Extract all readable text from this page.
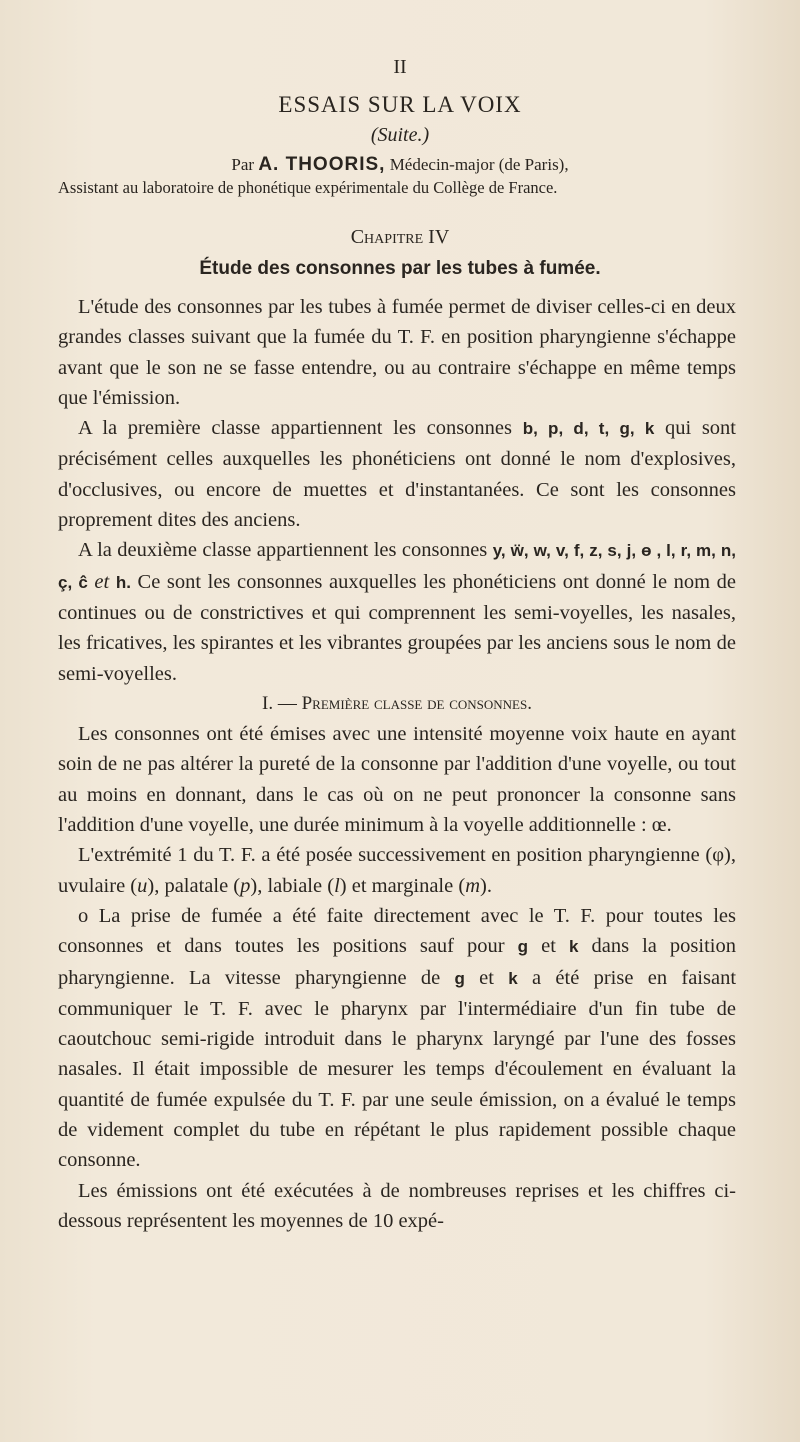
II
ESSAIS SUR LA VOIX
(Suite.)
Par A. THOORIS, Médecin-major (de Paris),
Assistant au laboratoire de phonétique expérimentale du Collège de France.
Chapitre IV
Étude des consonnes par les tubes à fumée.

L'étude des consonnes par les tubes à fumée permet de diviser celles-ci en deux grandes classes suivant que la fumée du T. F. en position pharyngienne s'échappe avant que le son ne se fasse entendre, ou au contraire s'échappe en même temps que l'émission.

A la première classe appartiennent les consonnes b, p, d, t, g, k qui sont précisément celles auxquelles les phonéticiens ont donné le nom d'explosives, d'occlusives, ou encore de muettes et d'instantanées. Ce sont les consonnes proprement dites des anciens.

A la deuxième classe appartiennent les consonnes y, ẅ, w, v, f, z, s, j, ɵ , l, r, m, n, ç, ĉ et h. Ce sont les consonnes auxquelles les phonéticiens ont donné le nom de continues ou de constrictives et qui comprennent les semi-voyelles, les nasales, les fricatives, les spirantes et les vibrantes groupées par les anciens sous le nom de semi-voyelles.

I. — Première classe de consonnes.

Les consonnes ont été émises avec une intensité moyenne voix haute en ayant soin de ne pas altérer la pureté de la consonne par l'addition d'une voyelle, ou tout au moins en donnant, dans le cas où on ne peut prononcer la consonne sans l'addition d'une voyelle, une durée minimum à la voyelle additionnelle : œ.

L'extrémité 1 du T. F. a été posée successivement en position pharyngienne (φ), uvulaire (u), palatale (p), labiale (l) et marginale (m).

o La prise de fumée a été faite directement avec le T. F. pour toutes les consonnes et dans toutes les positions sauf pour g et k dans la position pharyngienne. La vitesse pharyngienne de g et k a été prise en faisant communiquer le T. F. avec le pharynx par l'intermédiaire d'un fin tube de caoutchouc semi-rigide introduit dans le pharynx laryngé par l'une des fosses nasales. Il était impossible de mesurer les temps d'écoulement en évaluant la quantité de fumée expulsée du T. F. par une seule émission, on a évalué le temps de videment complet du tube en répétant le plus rapidement possible chaque consonne.

Les émissions ont été exécutées à de nombreuses reprises et les chiffres ci-dessous représentent les moyennes de 10 expé-
